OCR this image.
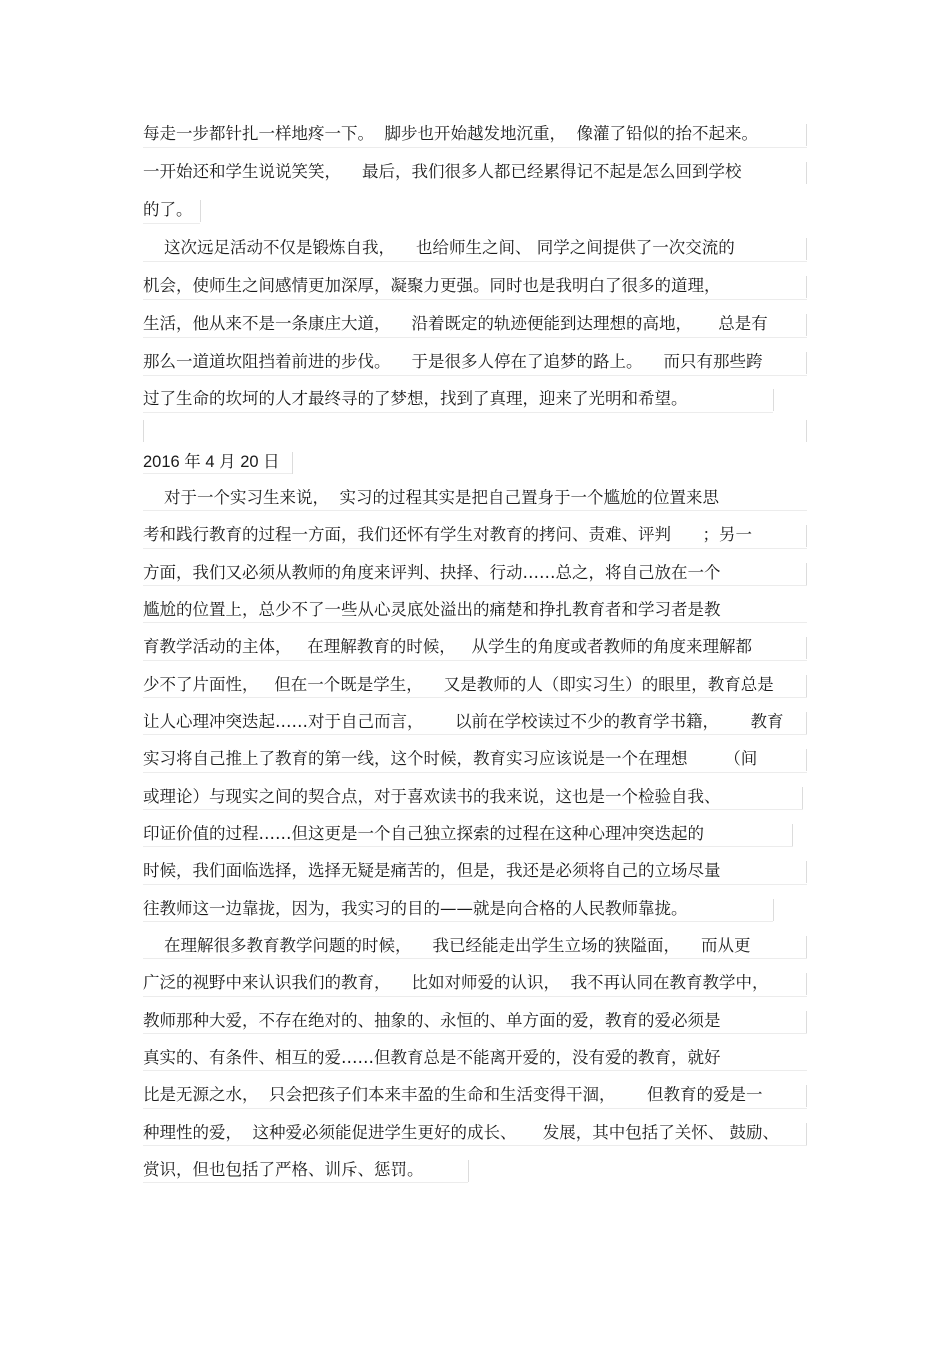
每走一步都针扎一样地疼一下。  脚步也开始越发地沉重，  像灌了铅似的抬不起来。
一开始还和学生说说笑笑，    最后，我们很多人都已经累得记不起是怎么回到学校
的了。
这次远足活动不仅是锻炼自我，    也给师生之间、 同学之间提供了一次交流的
机会，使师生之间感情更加深厚，凝聚力更强。同时也是我明白了很多的道理，
生活，他从来不是一条康庄大道，    沿着既定的轨迹便能到达理想的高地，     总是有
那么一道道坎阻挡着前进的步伐。    于是很多人停在了追梦的路上。    而只有那些跨
过了生命的坎坷的人才最终寻的了梦想，找到了真理，迎来了光明和希望。
2016 年 4 月 20 日
对于一个实习生来说，  实习的过程其实是把自己置身于一个尴尬的位置来思
考和践行教育的过程一方面，我们还怀有学生对教育的拷问、责难、评判      ；另一
方面，我们又必须从教师的角度来评判、抉择、行动……总之，将自己放在一个
尴尬的位置上，总少不了一些从心灵底处溢出的痛楚和挣扎教育者和学习者是教
育教学活动的主体，   在理解教育的时候，   从学生的角度或者教师的角度来理解都
少不了片面性，   但在一个既是学生，    又是教师的人（即实习生）的眼里，教育总是
让人心理冲突迭起……对于自己而言，      以前在学校读过不少的教育学书籍，      教育
实习将自己推上了教育的第一线，这个时候，教育实习应该说是一个在理想       （间
或理论）与现实之间的契合点，对于喜欢读书的我来说，这也是一个检验自我、
印证价值的过程……但这更是一个自己独立探索的过程在这种心理冲突迭起的
时候，我们面临选择，选择无疑是痛苦的，但是，我还是必须将自己的立场尽量
往教师这一边靠拢，因为，我实习的目的——就是向合格的人民教师靠拢。
在理解很多教育教学问题的时候，    我已经能走出学生立场的狭隘面，    而从更
广泛的视野中来认识我们的教育，    比如对师爱的认识，  我不再认同在教育教学中，
教师那种大爱，不存在绝对的、抽象的、永恒的、单方面的爱，教育的爱必须是
真实的、有条件、相互的爱……但教育总是不能离开爱的，没有爱的教育，就好
比是无源之水，  只会把孩子们本来丰盈的生命和生活变得干涸，      但教育的爱是一
种理性的爱，  这种爱必须能促进学生更好的成长、     发展，其中包括了关怀、 鼓励、
赏识，但也包括了严格、训斥、惩罚。
